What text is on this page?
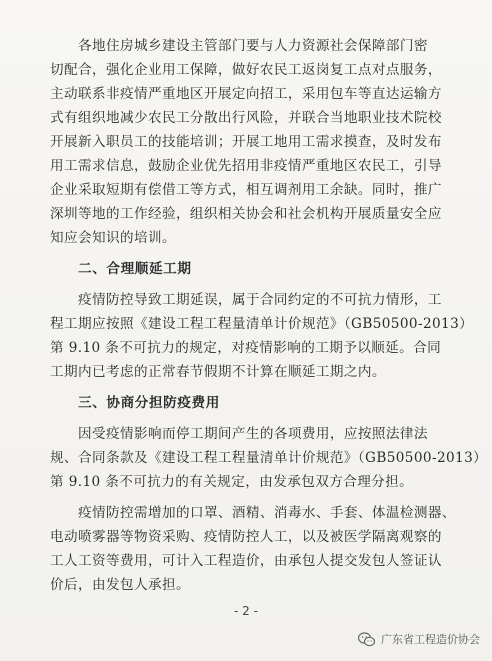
各地住房城乡建设主管部门要与人力资源社会保障部门密
切配合，强化企业用工保障，做好农民工返岗复工点对点服务，
主动联系非疫情严重地区开展定向招工，采用包车等直达运输方
式有组织地减少农民工分散出行风险，并联合当地职业技术院校
开展新入职员工的技能培训；开展工地用工需求摸查，及时发布
用工需求信息，鼓励企业优先招用非疫情严重地区农民工，引导
企业采取短期有偿借工等方式，相互调剂用工余缺。同时，推广
深圳等地的工作经验，组织相关协会和社会机构开展质量安全应
知应会知识的培训。

二、合理顺延工期

疫情防控导致工期延误，属于合同约定的不可抗力情形，工
程工期应按照《建设工程工程量清单计价规范》（GB50500-2013）
第 9.10 条不可抗力的规定，对疫情影响的工期予以顺延。合同
工期内已考虑的正常春节假期不计算在顺延工期之内。

三、协商分担防疫费用

因受疫情影响而停工期间产生的各项费用，应按照法律法
规、合同条款及《建设工程工程量清单计价规范》（GB50500-2013）
第 9.10 条不可抗力的有关规定，由发承包双方合理分担。

疫情防控需增加的口罩、酒精、消毒水、手套、体温检测器、
电动喷雾器等物资采购、疫情防控人工，以及被医学隔离观察的
工人工资等费用，可计入工程造价，由承包人提交发包人签证认
价后，由发包人承担。

- 2 -
广东省工程造价协会
